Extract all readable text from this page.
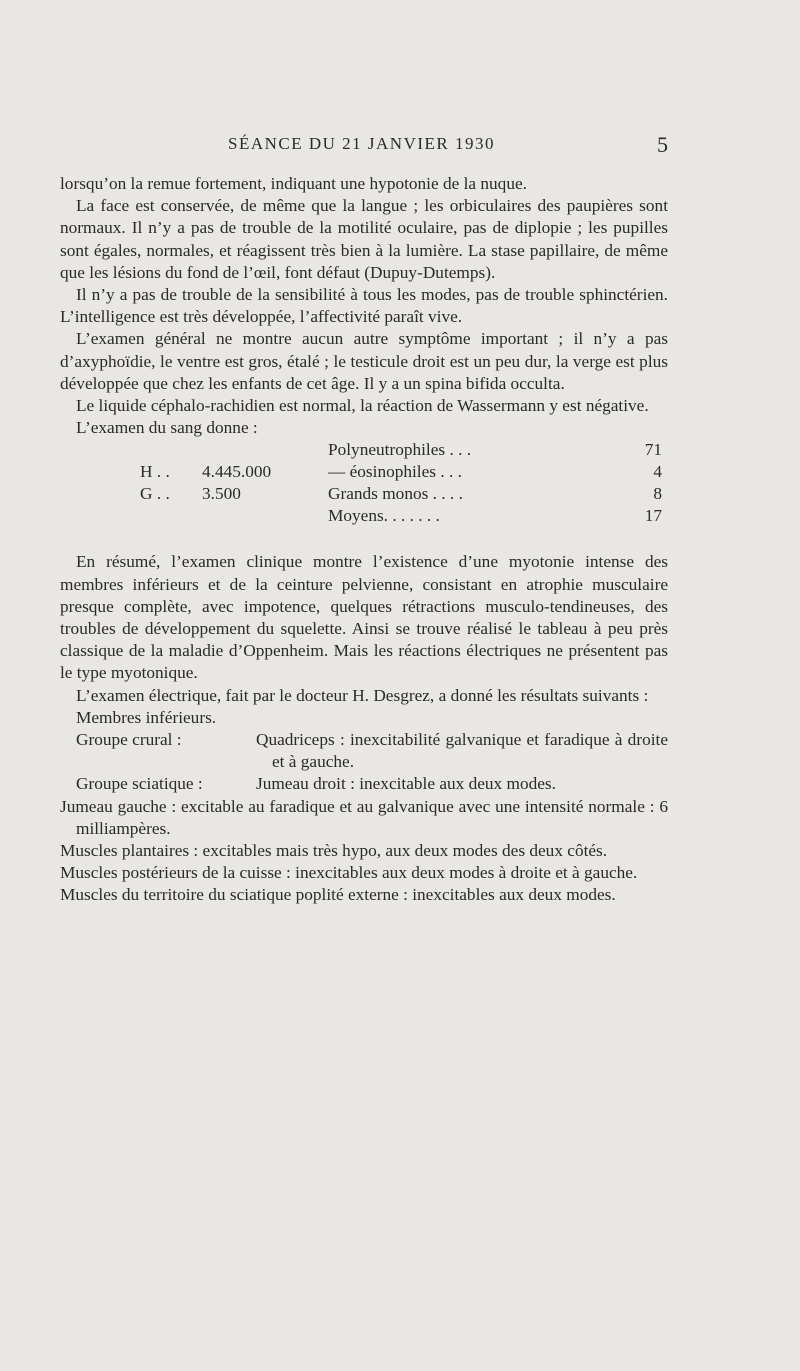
SÉANCE DU 21 JANVIER 1930	5

lorsqu’on la remue fortement, indiquant une hypotonie de la nuque.

La face est conservée, de même que la langue ; les orbiculaires des paupières sont normaux. Il n’y a pas de trouble de la motilité oculaire, pas de diplopie ; les pupilles sont égales, normales, et réagissent très bien à la lumière. La stase papillaire, de même que les lésions du fond de l’œil, font défaut (Dupuy-Dutemps).

Il n’y a pas de trouble de la sensibilité à tous les modes, pas de trouble sphinctérien. L’intelligence est très développée, l’affectivité paraît vive.

L’examen général ne montre aucun autre symptôme important ; il n’y a pas d’axyphoïdie, le ventre est gros, étalé ; le testicule droit est un peu dur, la verge est plus développée que chez les enfants de cet âge. Il y a un spina bifida occulta.

Le liquide céphalo-rachidien est normal, la réaction de Wassermann y est négative.

L’examen du sang donne :

Polyneutrophiles . . .	71
H . . 4.445.000	— éosinophiles . . .	4
G . . 3.500	Grands monos . . . .	8
Moyens. . . . . . .	17

En résumé, l’examen clinique montre l’existence d’une myotonie intense des membres inférieurs et de la ceinture pelvienne, consistant en atrophie musculaire presque complète, avec impotence, quelques rétractions musculo-tendineuses, des troubles de développement du squelette. Ainsi se trouve réalisé le tableau à peu près classique de la maladie d’Oppenheim. Mais les réactions électriques ne présentent pas le type myotonique.

L’examen électrique, fait par le docteur H. Desgrez, a donné les résultats suivants :

Membres inférieurs.

Groupe crural :	Quadriceps : inexcitabilité galvanique et faradique à droite et à gauche.

Groupe sciatique :	Jumeau droit : inexcitable aux deux modes.

Jumeau gauche : excitable au faradique et au galvanique avec une intensité normale : 6 milliampères.

Muscles plantaires : excitables mais très hypo, aux deux modes des deux côtés.

Muscles postérieurs de la cuisse : inexcitables aux deux modes à droite et à gauche.

Muscles du territoire du sciatique poplité externe : inexcitables aux deux modes.
